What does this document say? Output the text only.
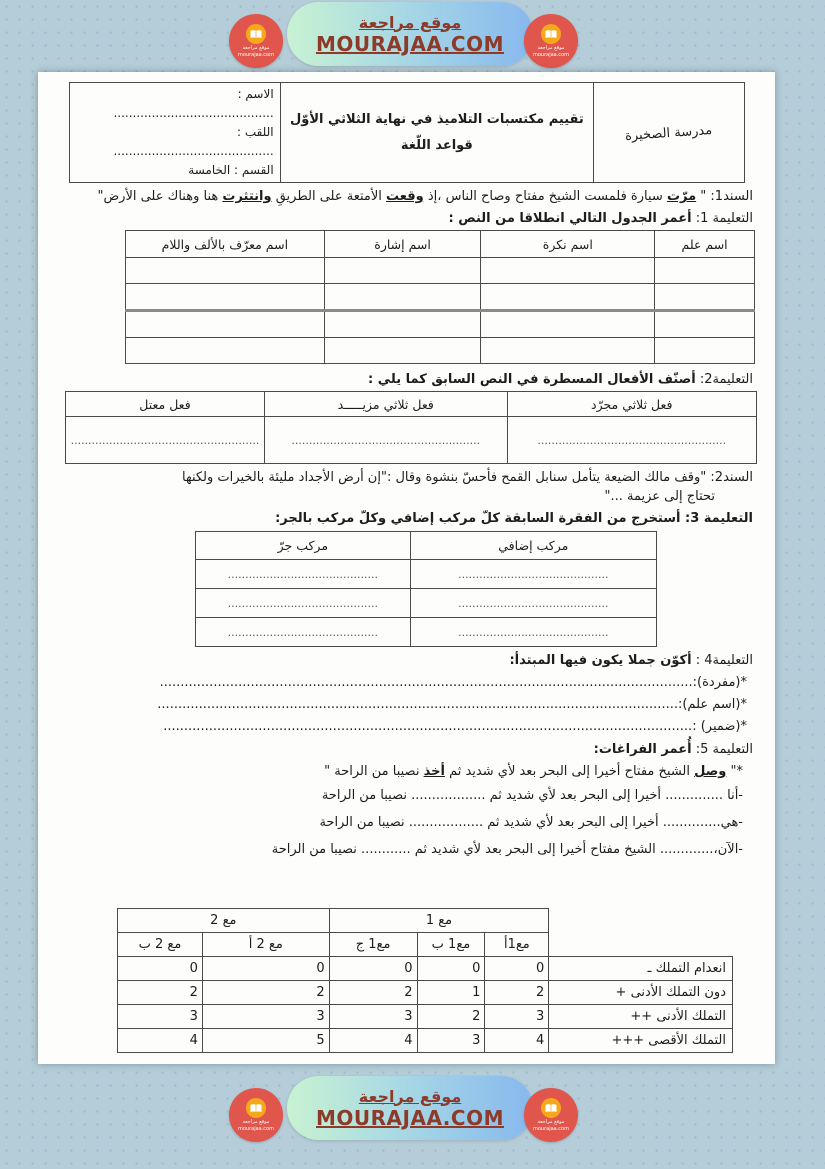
موقع مراجعة
mourajaa.com
موقع مراجعة
MOURAJAA.COM	موقع مراجعة
mourajaa.com
مدرسة الصخيرة	
تقييم مكتسبات التلاميذ في نهاية الثلاثي الأوّل
قواعد اللّغة

الاسم : ..........................................
اللقب : ..........................................
القسم : الخامسة
السند1: " مرّت سيارة فلمست الشيخ مفتاح وصاح الناس ،إذ وقعت الأمتعة على الطريقِ وانتثرت هنا وهناك على الأرض"
التعليمة 1: أعمر الجدول التالي انطلاقا من النص :
اسم علم	اسم نكرة	اسم إشارة	اسم معرّف بالألف واللام

التعليمة2: أصنّف الأفعال المسطرة في النص السابق كما يلي :
فعل ثلاثي مجرّد	فعل ثلاثي مزيـــــد	فعل معتل
......................................................	......................................................	......................................................
السند2: "وقف مالك الضيعة يتأمل سنابل القمح فأحسّ بنشوة وقال :"إن أرض الأجداد مليئة بالخيرات ولكنها
تحتاج إلى عزيمة ..."
التعليمة 3: أستخرج من الفقرة السابقة كلّ مركب إضافي وكلّ مركب بالجر:
مركب إضافي	مركب جرّ
...........................................	...........................................
...........................................	...........................................
...........................................	...........................................
التعليمة4 : أكوّن جملا يكون فيها المبتدأ:
*(مفردة):.................................................................................................................................
*(اسم علم):..............................................................................................................................
*(ضمير) :................................................................................................................................
التعليمة 5: أُعمر الفراغات:
*" وصل الشيخ مفتاح أخيرا إلى البحر بعد لأي شديد ثم أخذ نصيبا من الراحة "
-أنا .............. أخيرا إلى البحر بعد لأي شديد ثم .................. نصيبا من الراحة
-هي.............. أخيرا إلى البحر بعد لأي شديد ثم .................. نصيبا من الراحة
-الآن،............. الشيخ مفتاح أخيرا إلى البحر بعد لأي شديد ثم ............ نصيبا من الراحة
	مع 1			مع 2	
	مع1أ	مع1 ب	مع1 ج	مع 2 أ	مع 2 ب
انعدام التملك ـ	0	0	0	0	0
دون التملك الأدنى +	2	1	2	2	2
التملك الأدنى ++	3	2	3	3	3
التملك الأقصى +++	4	3	4	5	4
موقع مراجعة
mourajaa.com
موقع مراجعة
MOURAJAA.COM	موقع مراجعة
mourajaa.com
